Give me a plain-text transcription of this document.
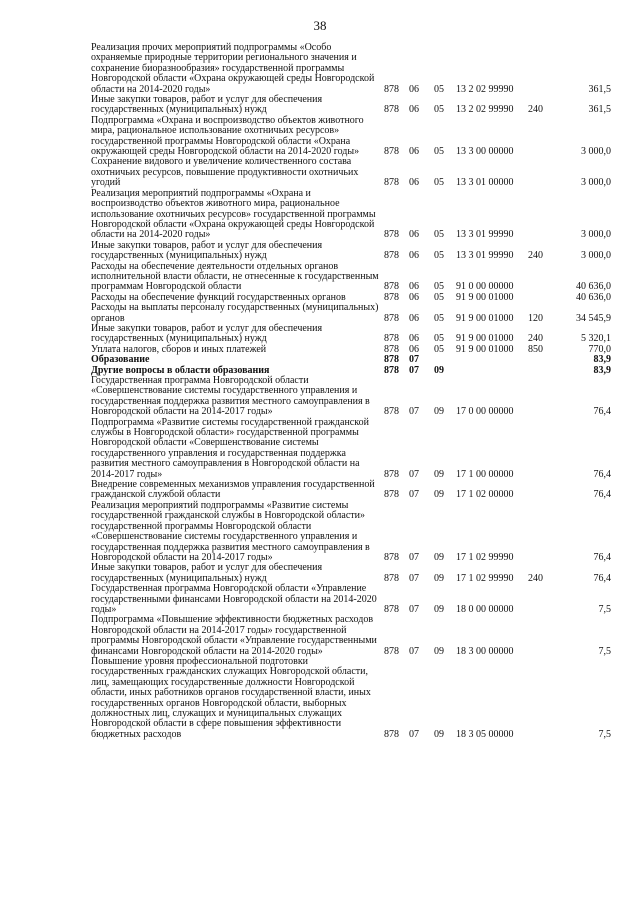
38
Реализация прочих мероприятий подпрограммы «Особо охраняемые природные территории регионального значения и сохранение биоразнообразия» государственной программы Новгородской области «Охрана окружающей среды Новгородской области на 2014-2020 годы»	878	06	05	13 2 02 99990		361,5
Иные закупки товаров, работ и услуг для обеспечения государственных (муниципальных) нужд	878	06	05	13 2 02 99990	240	361,5
Подпрограмма «Охрана и воспроизводство объектов животного мира, рациональное использование охотничьих ресурсов» государственной программы Новгородской области «Охрана окружающей среды Новгородской области на 2014-2020 годы»	878	06	05	13 3 00 00000		3 000,0
Сохранение видового и увеличение количественного состава охотничьих ресурсов, повышение продуктивности охотничьих угодий	878	06	05	13 3 01 00000		3 000,0
Реализация мероприятий подпрограммы «Охрана и воспроизводство объектов животного мира, рациональное использование охотничьих ресурсов» государственной программы Новгородской области «Охрана окружающей среды Новгородской области на 2014-2020 годы»	878	06	05	13 3 01 99990		3 000,0
Иные закупки товаров, работ и услуг для обеспечения государственных (муниципальных) нужд	878	06	05	13 3 01 99990	240	3 000,0
Расходы на обеспечение деятельности отдельных органов исполнительной власти области, не отнесенные к государственным программам Новгородской области	878	06	05	91 0 00 00000		40 636,0
Расходы на обеспечение функций государственных органов	878	06	05	91 9 00 01000		40 636,0
Расходы на выплаты персоналу государственных (муниципальных) органов	878	06	05	91 9 00 01000	120	34 545,9
Иные закупки товаров, работ и услуг для обеспечения государственных (муниципальных) нужд	878	06	05	91 9 00 01000	240	5 320,1
Уплата налогов, сборов и иных платежей	878	06	05	91 9 00 01000	850	770,0
Образование	878	07				83,9
Другие вопросы в области образования	878	07	09			83,9
Государственная программа Новгородской области «Совершенствование системы государственного управления и государственная поддержка развития местного самоуправления в Новгородской области на 2014-2017 годы»	878	07	09	17 0 00 00000		76,4
Подпрограмма «Развитие системы государственной гражданской службы в Новгородской области» государственной программы Новгородской области «Совершенствование системы государственного управления и государственная поддержка развития местного самоуправления в Новгородской области на 2014-2017 годы»	878	07	09	17 1 00 00000		76,4
Внедрение современных механизмов управления государственной гражданской службой области	878	07	09	17 1 02 00000		76,4
Реализация мероприятий подпрограммы «Развитие системы государственной гражданской службы в Новгородской области» государственной программы Новгородской области «Совершенствование системы государственного управления и государственная поддержка развития местного самоуправления в Новгородской области на 2014-2017 годы»	878	07	09	17 1 02 99990		76,4
Иные закупки товаров, работ и услуг для обеспечения государственных (муниципальных) нужд	878	07	09	17 1 02 99990	240	76,4
Государственная программа Новгородской области «Управление государственными финансами Новгородской области на 2014-2020 годы»	878	07	09	18 0 00 00000		7,5
Подпрограмма «Повышение эффективности бюджетных расходов Новгородской области на 2014-2017 годы» государственной программы Новгородской области «Управление государственными финансами Новгородской области на 2014-2020 годы»	878	07	09	18 3 00 00000		7,5
Повышение уровня профессиональной подготовки государственных гражданских служащих Новгородской области, лиц, замещающих государственные должности Новгородской области, иных работников органов государственной власти, иных государственных органов Новгородской области, выборных должностных лиц, служащих и муниципальных служащих Новгородской области в сфере повышения эффективности бюджетных расходов	878	07	09	18 3 05 00000		7,5
